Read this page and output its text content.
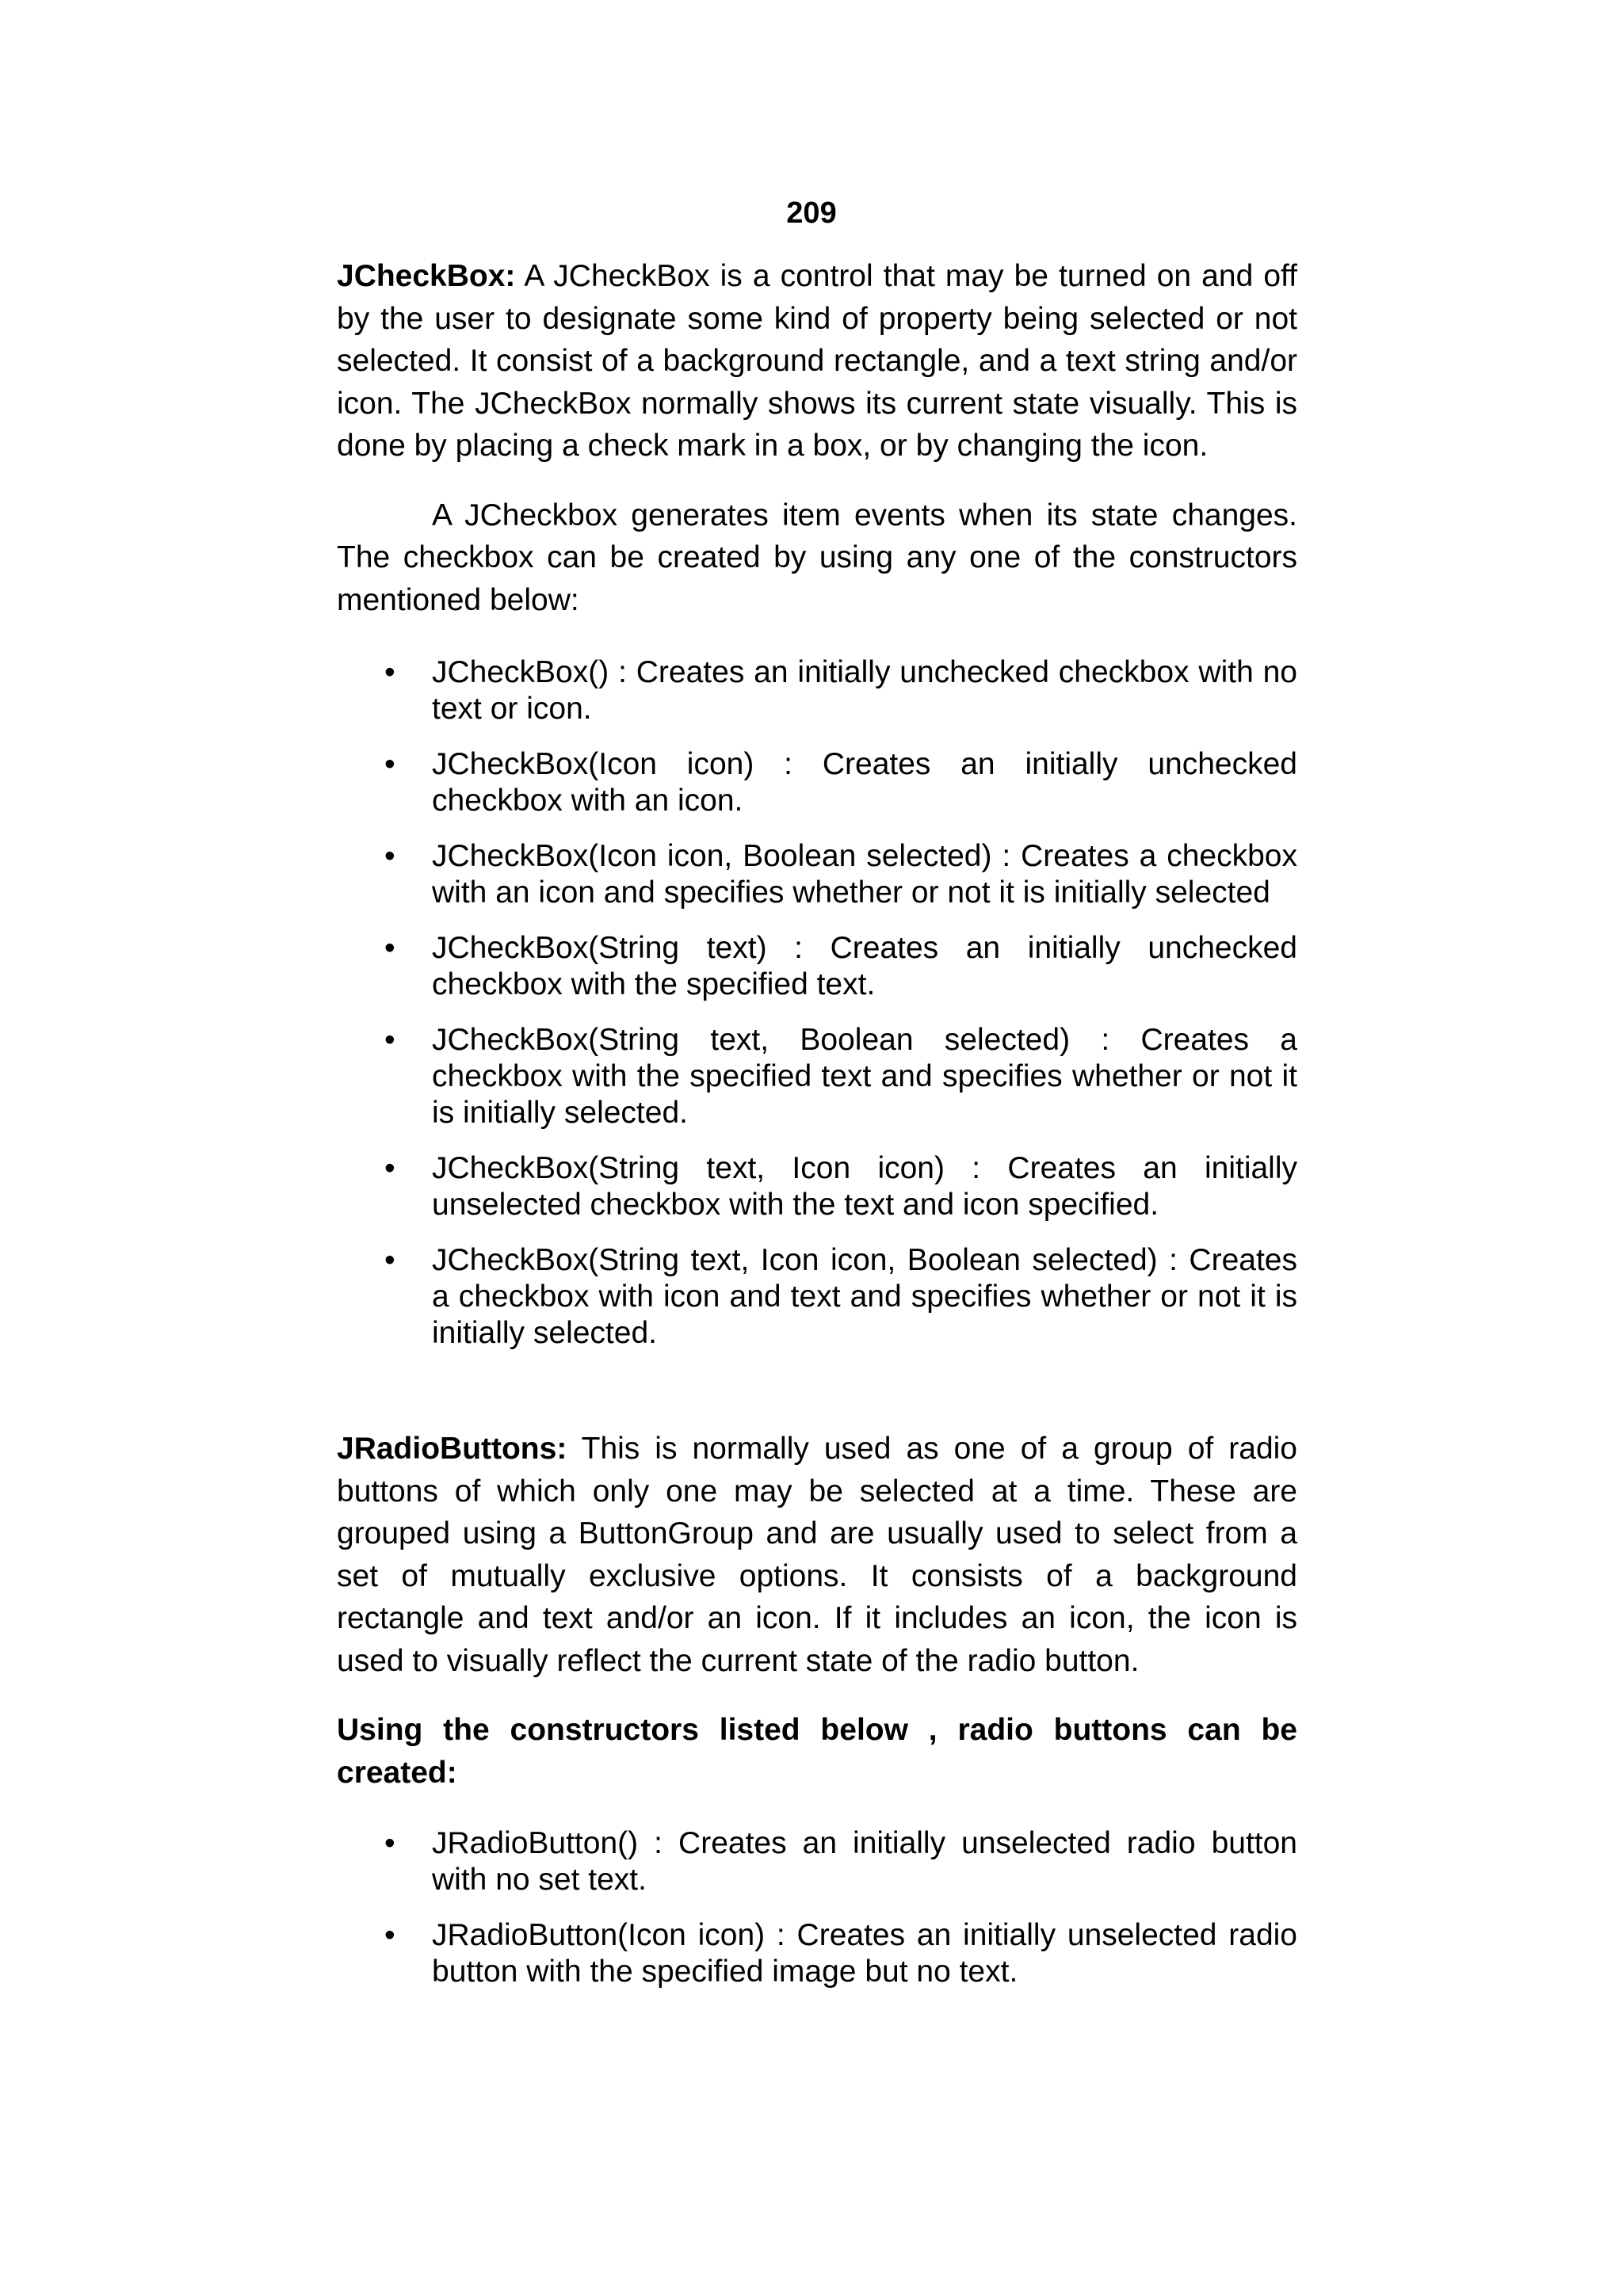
209

JCheckBox: A JCheckBox is a control that may be turned on and off by the user to designate some kind of property being selected or not selected. It consist of a background rectangle, and a text string and/or icon. The JCheckBox normally shows its current state visually. This is done by placing a check mark in a box, or by changing the icon.

A JCheckbox generates item events when its state changes. The checkbox can be created by using any one of the constructors mentioned below:

• JCheckBox() : Creates an initially unchecked checkbox with no text or icon.
• JCheckBox(Icon icon) : Creates an initially unchecked checkbox with an icon.
• JCheckBox(Icon icon, Boolean selected) : Creates a checkbox with an icon and specifies whether or not it is initially selected
• JCheckBox(String text) : Creates an initially unchecked checkbox with the specified text.
• JCheckBox(String text, Boolean selected) : Creates a checkbox with the specified text and specifies whether or not it is initially selected.
• JCheckBox(String text, Icon icon) : Creates an initially unselected checkbox with the text and icon specified.
• JCheckBox(String text, Icon icon, Boolean selected) : Creates a checkbox with icon and text and specifies whether or not it is initially selected.

JRadioButtons: This is normally used as one of a group of radio buttons of which only one may be selected at a time. These are grouped using a ButtonGroup and are usually used to select from a set of mutually exclusive options. It consists of a background rectangle and text and/or an icon. If it includes an icon, the icon is used to visually reflect the current state of the radio button.

Using the constructors listed below , radio buttons can be created:

• JRadioButton() : Creates an initially unselected radio button with no set text.
• JRadioButton(Icon icon) : Creates an initially unselected radio button with the specified image but no text.
